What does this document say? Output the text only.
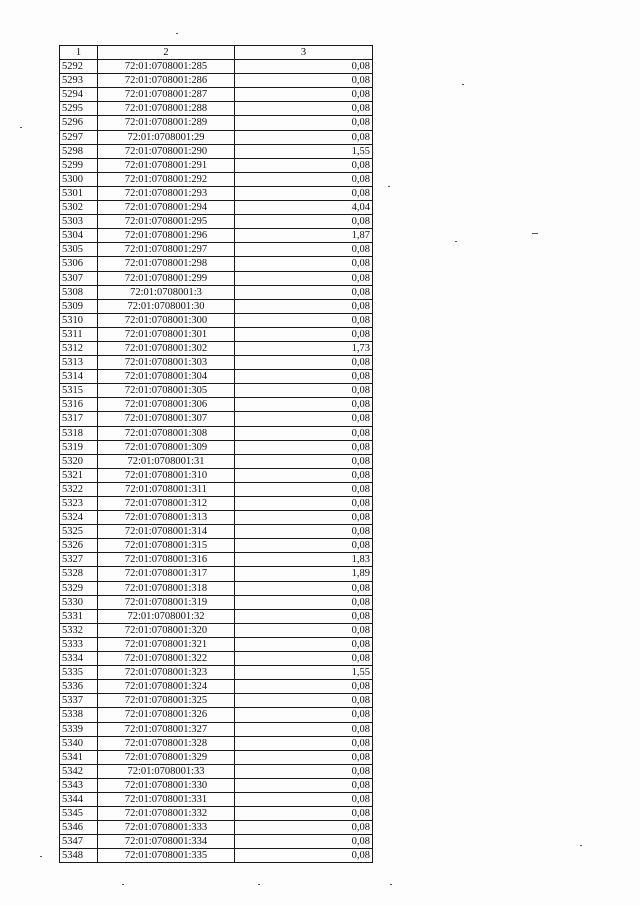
1	2	3
5292	72:01:0708001:285	0,08
5293	72:01:0708001:286	0,08
5294	72:01:0708001:287	0,08
5295	72:01:0708001:288	0,08
5296	72:01:0708001:289	0,08
5297	72:01:0708001:29	0,08
5298	72:01:0708001:290	1,55
5299	72:01:0708001:291	0,08
5300	72:01:0708001:292	0,08
5301	72:01:0708001:293	0,08
5302	72:01:0708001:294	4,04
5303	72:01:0708001:295	0,08
5304	72:01:0708001:296	1,87
5305	72:01:0708001:297	0,08
5306	72:01:0708001:298	0,08
5307	72:01:0708001:299	0,08
5308	72:01:0708001:3	0,08
5309	72:01:0708001:30	0,08
5310	72:01:0708001:300	0,08
5311	72:01:0708001:301	0,08
5312	72:01:0708001:302	1,73
5313	72:01:0708001:303	0,08
5314	72:01:0708001:304	0,08
5315	72:01:0708001:305	0,08
5316	72:01:0708001:306	0,08
5317	72:01:0708001:307	0,08
5318	72:01:0708001:308	0,08
5319	72:01:0708001:309	0,08
5320	72:01:0708001:31	0,08
5321	72:01:0708001:310	0,08
5322	72:01:0708001:311	0,08
5323	72:01:0708001:312	0,08
5324	72:01:0708001:313	0,08
5325	72:01:0708001:314	0,08
5326	72:01:0708001:315	0,08
5327	72:01:0708001:316	1,83
5328	72:01:0708001:317	1,89
5329	72:01:0708001:318	0,08
5330	72:01:0708001:319	0,08
5331	72:01:0708001:32	0,08
5332	72:01:0708001:320	0,08
5333	72:01:0708001:321	0,08
5334	72:01:0708001:322	0,08
5335	72:01:0708001:323	1,55
5336	72:01:0708001:324	0,08
5337	72:01:0708001:325	0,08
5338	72:01:0708001:326	0,08
5339	72:01:0708001:327	0,08
5340	72:01:0708001:328	0,08
5341	72:01:0708001:329	0,08
5342	72:01:0708001:33	0,08
5343	72:01:0708001:330	0,08
5344	72:01:0708001:331	0,08
5345	72:01:0708001:332	0,08
5346	72:01:0708001:333	0,08
5347	72:01:0708001:334	0,08
5348	72:01:0708001:335	0,08
